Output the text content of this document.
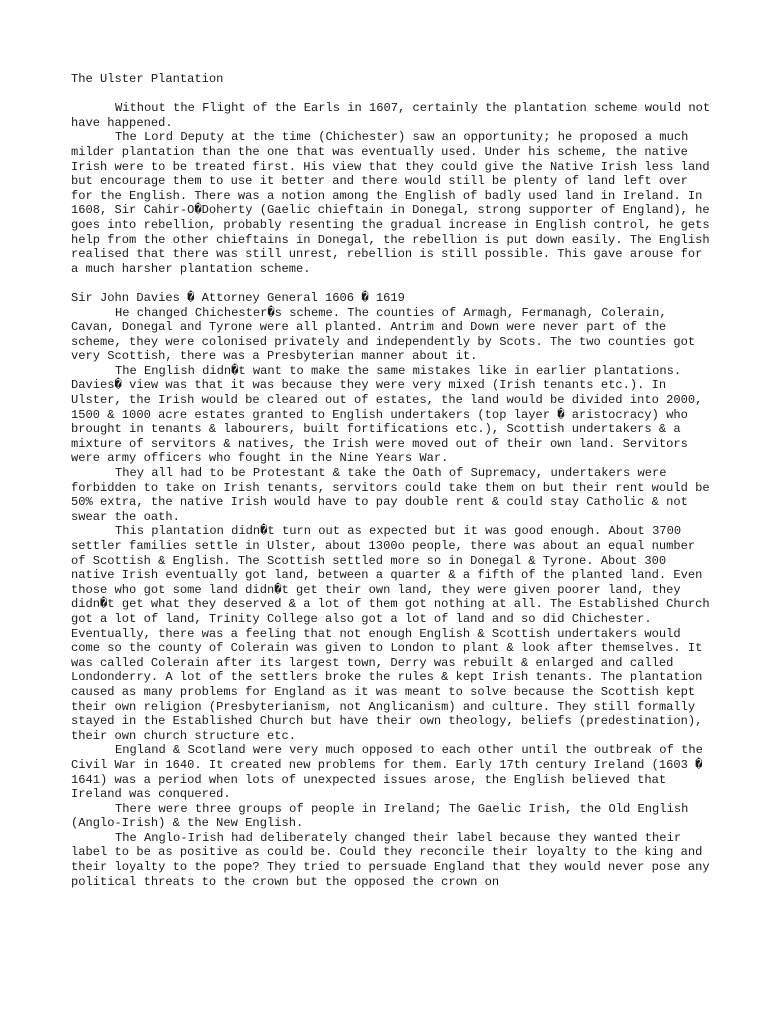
The Ulster Plantation

Without the Flight of the Earls in 1607, certainly the plantation scheme would not have happened.

The Lord Deputy at the time (Chichester) saw an opportunity; he proposed a much milder plantation than the one that was eventually used. Under his scheme, the native Irish were to be treated first. His view that they could give the Native Irish less land but encourage them to use it better and there would still be plenty of land left over for the English. There was a notion among the English of badly used land in Ireland. In 1608, Sir Cahir-O�Doherty (Gaelic chieftain in Donegal, strong supporter of England), he goes into rebellion, probably resenting the gradual increase in English control, he gets help from the other chieftains in Donegal, the rebellion is put down easily. The English realised that there was still unrest, rebellion is still possible. This gave arouse for a much harsher plantation scheme.

Sir John Davies � Attorney General 1606 � 1619

He changed Chichester�s scheme. The counties of Armagh, Fermanagh, Colerain, Cavan, Donegal and Tyrone were all planted. Antrim and Down were never part of the scheme, they were colonised privately and independently by Scots. The two counties got very Scottish, there was a Presbyterian manner about it.

The English didn�t want to make the same mistakes like in earlier plantations. Davies� view was that it was because they were very mixed (Irish tenants etc.). In Ulster, the Irish would be cleared out of estates, the land would be divided into 2000, 1500 & 1000 acre estates granted to English undertakers (top layer � aristocracy) who brought in tenants & labourers, built fortifications etc.), Scottish undertakers & a mixture of servitors & natives, the Irish were moved out of their own land. Servitors were army officers who fought in the Nine Years War.

They all had to be Protestant & take the Oath of Supremacy, undertakers were forbidden to take on Irish tenants, servitors could take them on but their rent would be 50% extra, the native Irish would have to pay double rent & could stay Catholic & not swear the oath.

This plantation didn�t turn out as expected but it was good enough. About 3700 settler families settle in Ulster, about 1300o people, there was about an equal number of Scottish & English. The Scottish settled more so in Donegal & Tyrone. About 300 native Irish eventually got land, between a quarter & a fifth of the planted land. Even those who got some land didn�t get their own land, they were given poorer land, they didn�t get what they deserved & a lot of them got nothing at all. The Established Church got a lot of land, Trinity College also got a lot of land and so did Chichester. Eventually, there was a feeling that not enough English & Scottish undertakers would come so the county of Colerain was given to London to plant & look after themselves. It was called Colerain after its largest town, Derry was rebuilt & enlarged and called Londonderry. A lot of the settlers broke the rules & kept Irish tenants. The plantation caused as many problems for England as it was meant to solve because the Scottish kept their own religion (Presbyterianism, not Anglicanism) and culture. They still formally stayed in the Established Church but have their own theology, beliefs (predestination), their own church structure etc.

England & Scotland were very much opposed to each other until the outbreak of the Civil War in 1640. It created new problems for them. Early 17th century Ireland (1603 � 1641) was a period when lots of unexpected issues arose, the English believed that Ireland was conquered.

There were three groups of people in Ireland; The Gaelic Irish, the Old English (Anglo-Irish) & the New English.

The Anglo-Irish had deliberately changed their label because they wanted their label to be as positive as could be. Could they reconcile their loyalty to the king and their loyalty to the pope? They tried to persuade England that they would never pose any political threats to the crown but the opposed the crown on
